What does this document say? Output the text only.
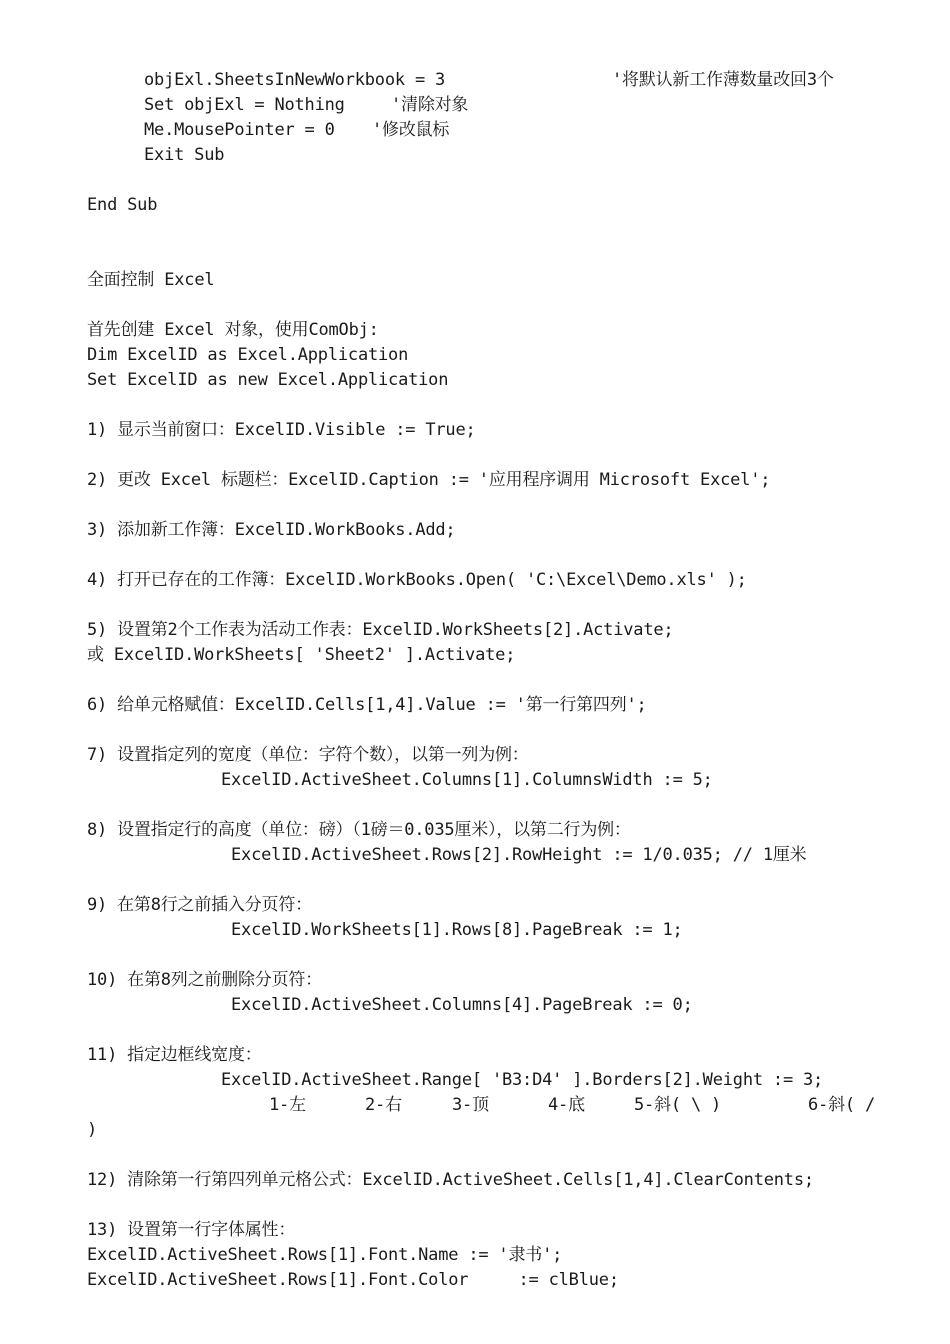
objExl.SheetsInNewWorkbook = 3	'将默认新工作薄数量改回3个
Set objExl = Nothing	'清除对象
Me.MousePointer = 0 '修改鼠标
Exit Sub
End Sub
全面控制 Excel
首先创建 Excel 对象，使用ComObj:
Dim ExcelID as Excel.Application
Set ExcelID as new Excel.Application
1) 显示当前窗口：ExcelID.Visible := True;
2) 更改 Excel 标题栏：ExcelID.Caption := '应用程序调用 Microsoft Excel';
3) 添加新工作簿：ExcelID.WorkBooks.Add;
4) 打开已存在的工作簿：ExcelID.WorkBooks.Open( 'C:\Excel\Demo.xls' );
5) 设置第2个工作表为活动工作表：ExcelID.WorkSheets[2].Activate;
或 ExcelID.WorkSheets[ 'Sheet2' ].Activate;
6) 给单元格赋值：ExcelID.Cells[1,4].Value := '第一行第四列';
7) 设置指定列的宽度（单位：字符个数），以第一列为例：
ExcelID.ActiveSheet.Columns[1].ColumnsWidth := 5;
8) 设置指定行的高度（单位：磅）（1磅＝0.035厘米），以第二行为例：
ExcelID.ActiveSheet.Rows[2].RowHeight := 1/0.035; // 1厘米
9) 在第8行之前插入分页符：
ExcelID.WorkSheets[1].Rows[8].PageBreak := 1;
10) 在第8列之前删除分页符：
ExcelID.ActiveSheet.Columns[4].PageBreak := 0;
11) 指定边框线宽度：
ExcelID.ActiveSheet.Range[ 'B3:D4' ].Borders[2].Weight := 3;
1-左	2-右	3-顶	4-底	5-斜( \ )	6-斜( /
)
12) 清除第一行第四列单元格公式：ExcelID.ActiveSheet.Cells[1,4].ClearContents;
13) 设置第一行字体属性：
ExcelID.ActiveSheet.Rows[1].Font.Name := '隶书';
ExcelID.ActiveSheet.Rows[1].Font.Color     := clBlue;
